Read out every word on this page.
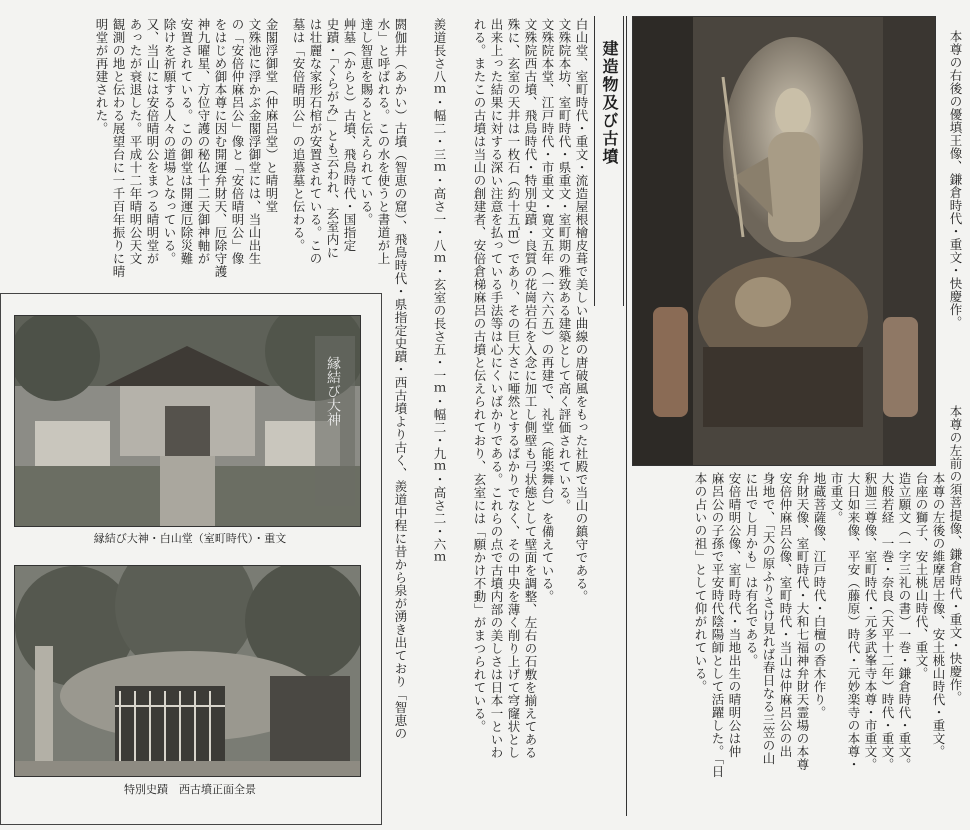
本尊の右後の優填王像、鎌倉時代・重文・快慶作。
本尊の左前の須菩提像、鎌倉時代・重文・快慶作。
本尊の左後の維摩居士像、安土桃山時代・重文。
台座の獅子、安土桃山時代、重文。
造立願文（一字三礼の書）一巻・鎌倉時代・重文。
大般若経　一巻・奈良（天平十二年）時代・重文。
釈迦三尊像、室町時代・元多武峯寺本尊・市重文。
大日如来像、平安（藤原）時代・元妙楽寺の本尊・
市重文。
地蔵菩薩像、江戸時代・白檀の香木作り。
弁財天像、室町時代・大和七福神弁財天霊場の本尊
安倍仲麻呂公像、室町時代・当山は仲麻呂公の出
身地で、「天の原ふりさけ見れば春日なる三笠の山
に出でし月かも」は有名である。
安倍晴明公像、室町時代・当地出生の晴明公は仲
麻呂公の子孫で平安時代陰陽師として活躍した。「日
本の占いの祖」として仰がれている。
建造物及び古墳
白山堂、室町時代・重文・流造屋根檜皮葺で美しい曲線の唐破風をもった社殿で当山の鎮守である。
文殊院本坊、室町時代・県重文・室町期の雅致ある建築として高く評価されている。
文殊院本堂、江戸時代・市重文・寛文五年（一六六五）の再建で、礼堂（能楽舞台）を備えている。
文殊院西古墳、飛鳥時代・特別史蹟・良質の花崗岩石を入念に加工し側壁も弓状態として壁面を調整、左右の石敷を揃えてある
殊に、玄室の天井は一枚石（約十五㎡）であり、その巨大さに唖然とするばかりでなく、その中央を薄く削り上げて穹窿状とし
出来上った結果に対する深い注意を払っている手法等は心にくいばかりである。これらの点で古墳内部の美しさは日本一といわ
れる。またこの古墳は当山の創建者、安倍倉梯麻呂の古墳と伝えられており、玄室には「願かけ不動」がまつられている。
羨道長さ八ｍ・幅二・三ｍ・高さ一・八ｍ・玄室の長さ五・一ｍ・幅二・九ｍ・高さ二・六ｍ
閼伽井（あかい）古墳（智恵の窟）、飛鳥時代・県指定史蹟・西古墳より古く、羨道中程に昔から泉が湧き出ており「智恵の
水」と呼ばれる。この水を使うと書道が上
達し智恵を賜ると伝えられている。
艸墓（からと）古墳、飛鳥時代・国指定
史蹟・「くらがみ」とも云われ、玄室内に
は壮麗な家形石棺が安置されている。この
墓は「安倍晴明公」の追慕墓と伝わる。
金閣浮御堂（仲麻呂堂）と晴明堂
文殊池に浮かぶ金閣浮御堂には、当山出生
の「安倍仲麻呂公」像と「安倍晴明公」像
をはじめ御本尊に因む開運弁財天、厄除守護
神九曜星、方位守護の秘仏十二天御神軸が
安置されている。この御堂は開運厄除災難
除けを祈願する人々の道場となっている。
又、当山には安倍晴明公をまつる晴明堂が
あったが衰退した。平成十二年晴明公天文
観測の地と伝わる展望台に一千百年振りに晴
明堂が再建された。
縁結び大神
縁結び大神・白山堂（室町時代）・重文
特別史蹟　西古墳正面全景
